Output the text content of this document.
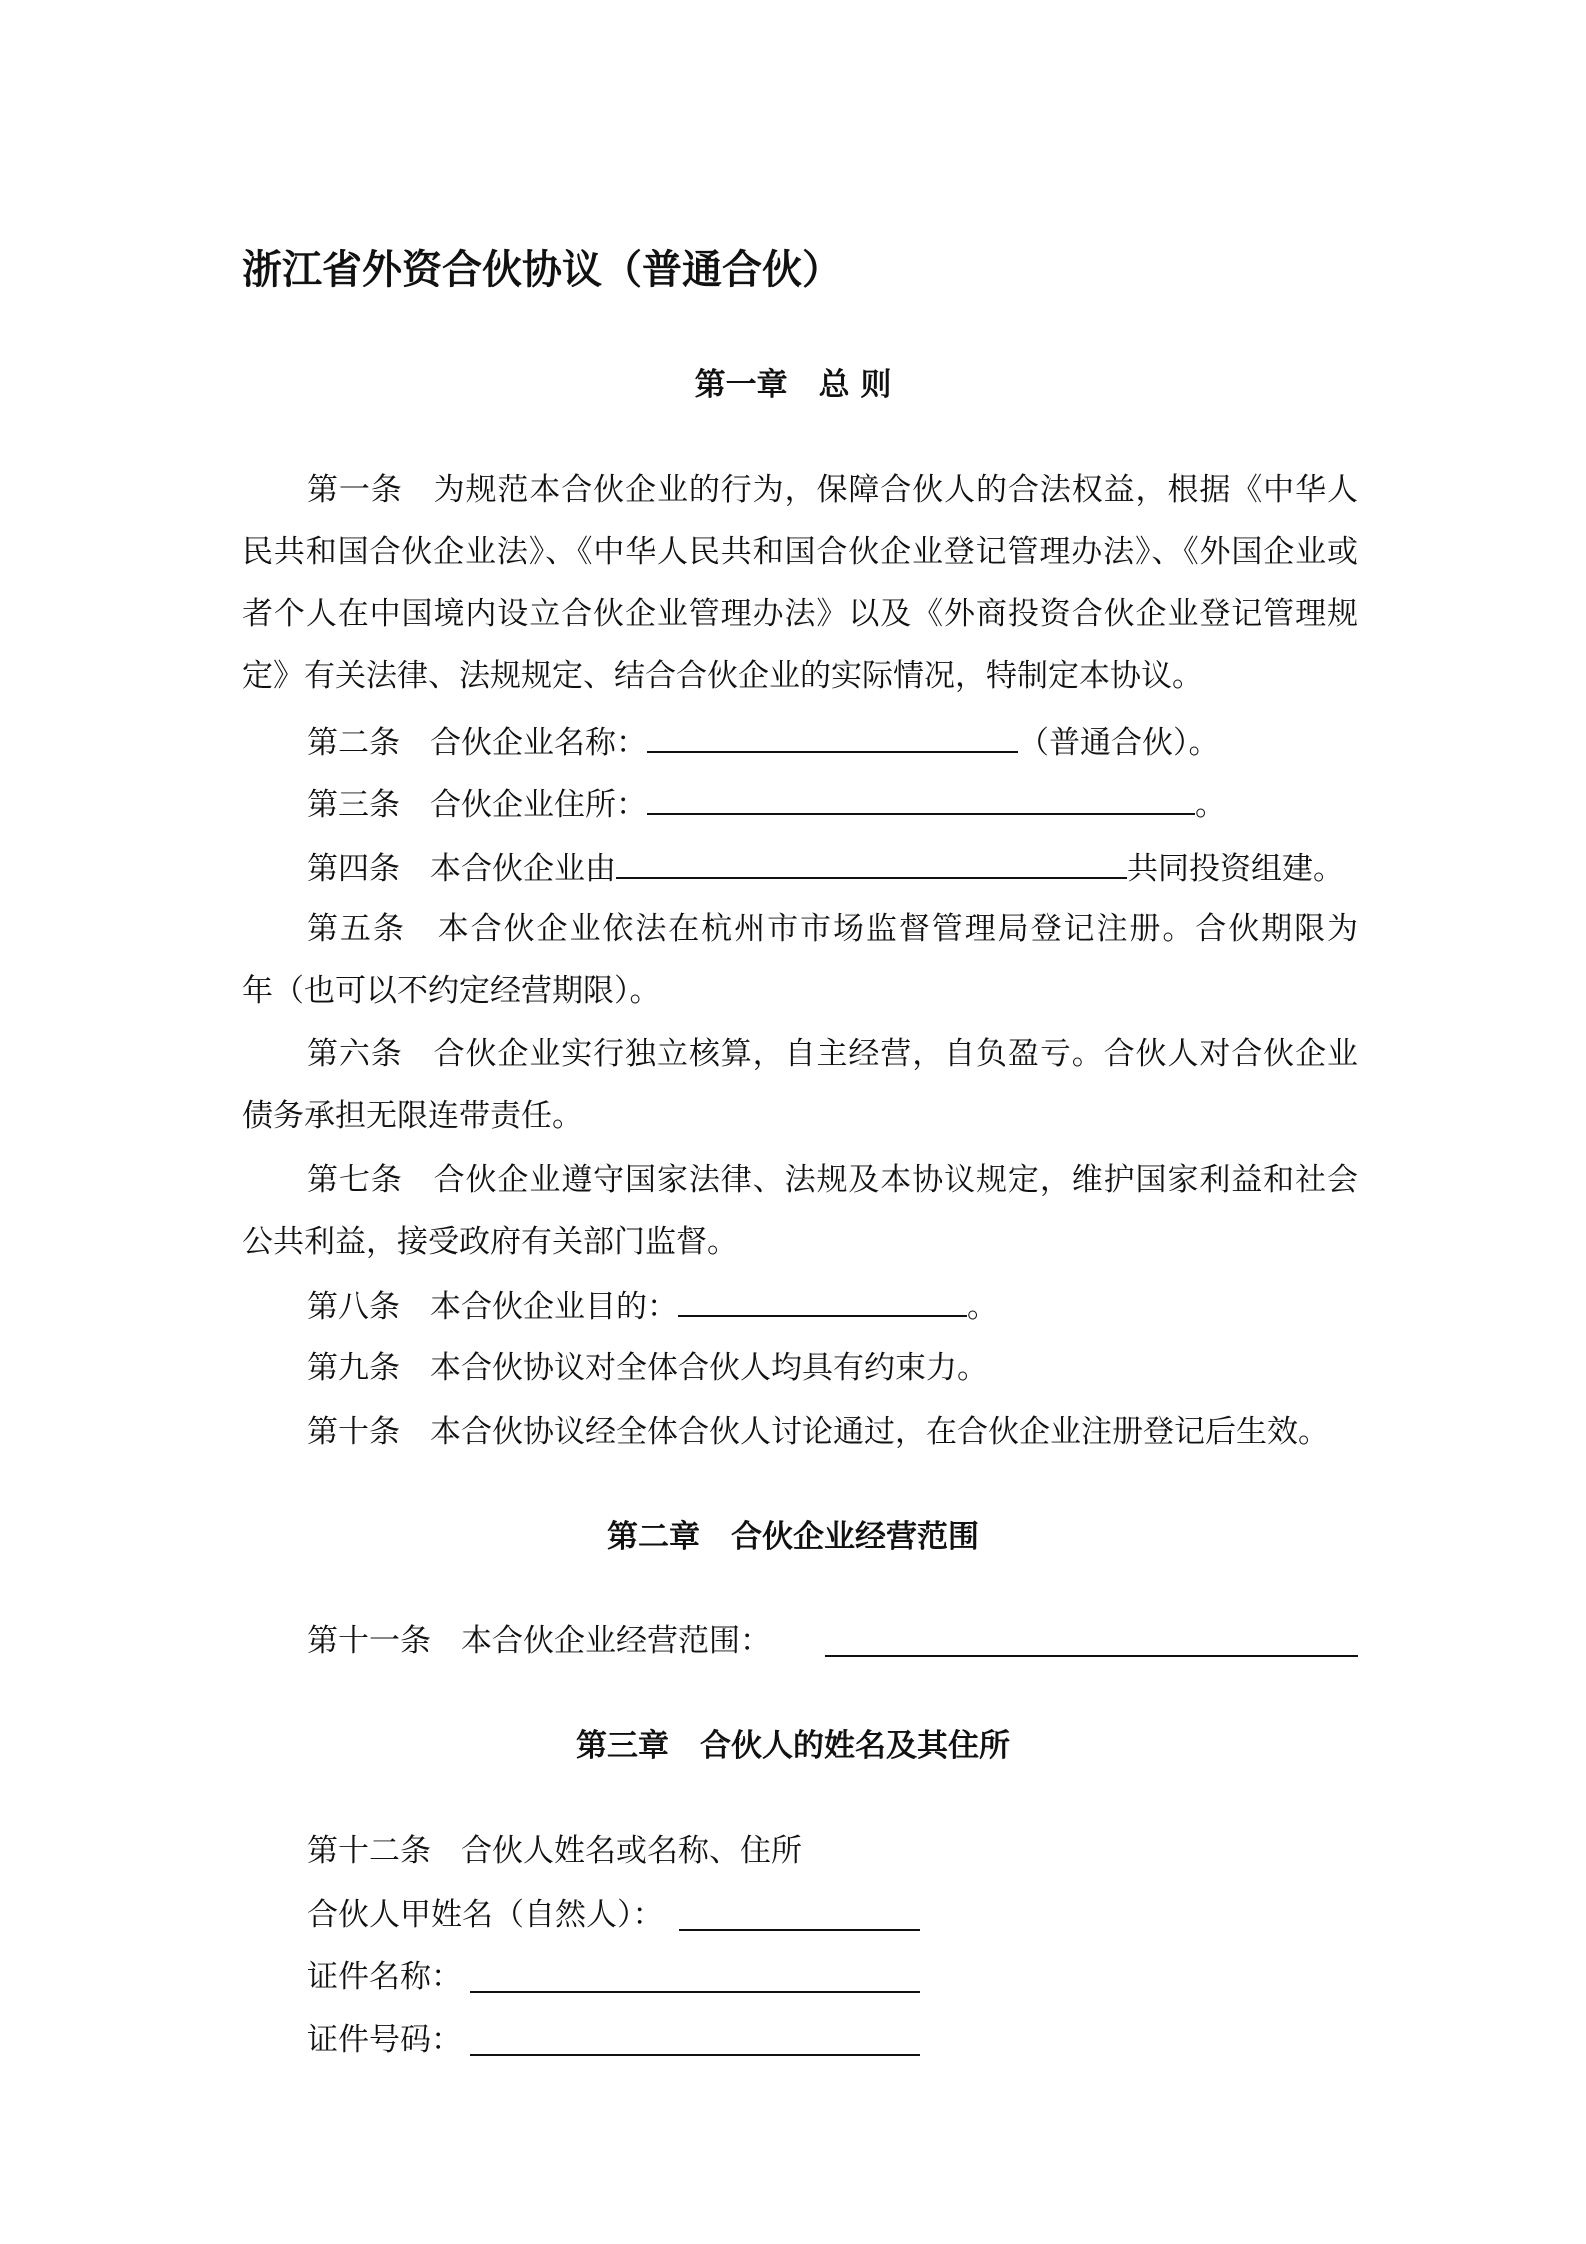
浙江省外资合伙协议（普通合伙）
第一章　总 则
第一条 为规范本合伙企业的行为，保障合伙人的合法权益，根据《中华人
民共和国合伙企业法》、《中华人民共和国合伙企业登记管理办法》、《外国企业或
者个人在中国境内设立合伙企业管理办法》以及《外商投资合伙企业登记管理规
定》有关法律、法规规定、结合合伙企业的实际情况，特制定本协议。
第二条 合伙企业名称：	（普通合伙）。
第三条 合伙企业住所：	。
第四条 本合伙企业由	共同投资组建。
第五条 本合伙企业依法在杭州市市场监督管理局登记注册。合伙期限为
年（也可以不约定经营期限）。
第六条 合伙企业实行独立核算，自主经营，自负盈亏。合伙人对合伙企业
债务承担无限连带责任。
第七条 合伙企业遵守国家法律、法规及本协议规定，维护国家利益和社会
公共利益，接受政府有关部门监督。
第八条 本合伙企业目的：	。
第九条 本合伙协议对全体合伙人均具有约束力。
第十条 本合伙协议经全体合伙人讨论通过，在合伙企业注册登记后生效。
第二章　合伙企业经营范围
第十一条 本合伙企业经营范围：
第三章　合伙人的姓名及其住所
第十二条 合伙人姓名或名称、住所
合伙人甲姓名（自然人）：
证件名称：
证件号码：
